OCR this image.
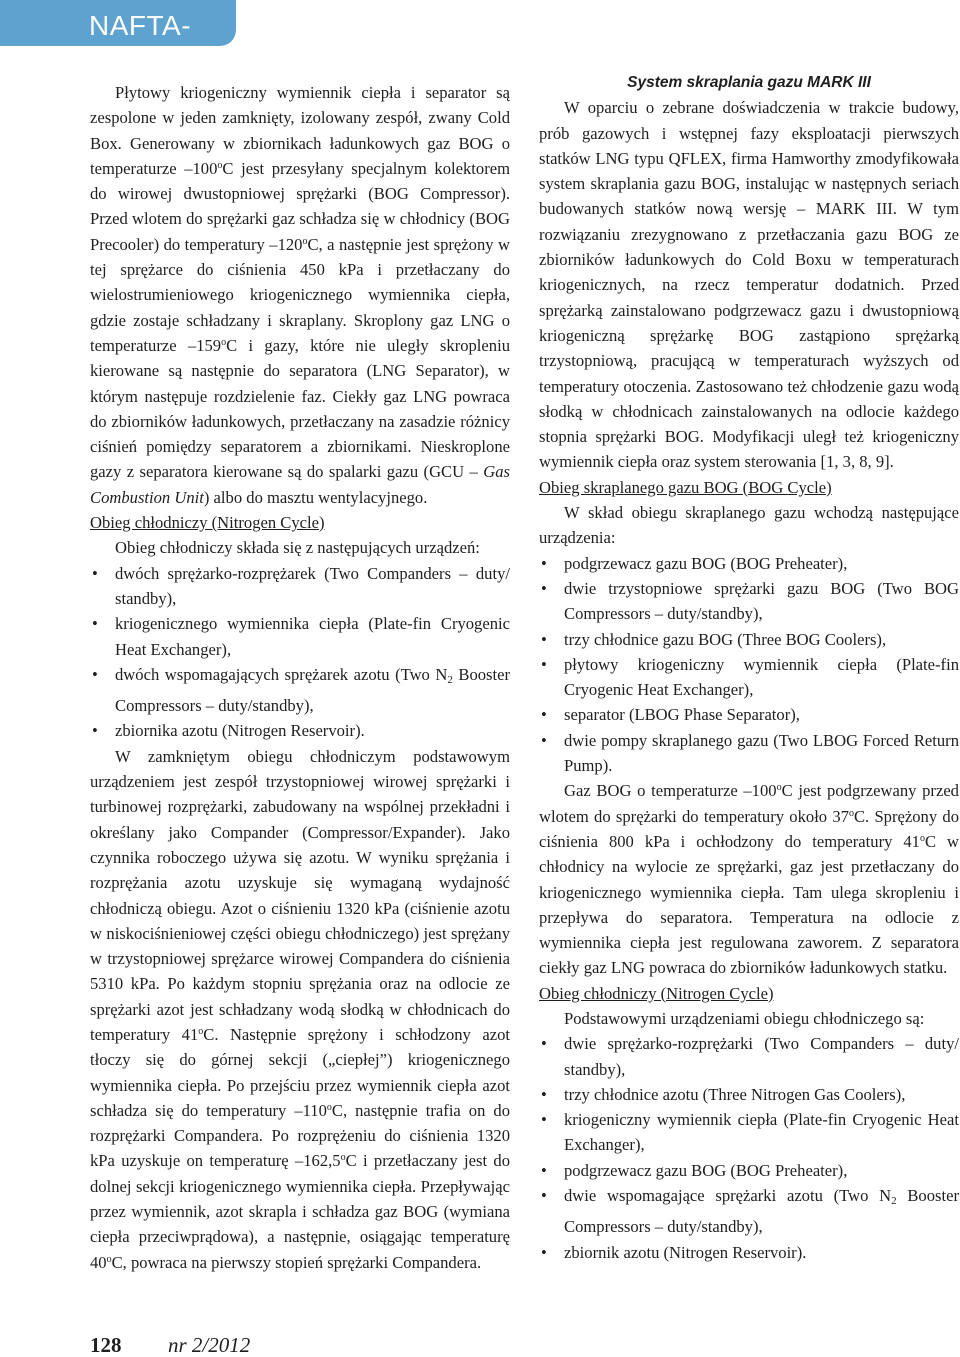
NAFTA-GAZ

Płytowy kriogeniczny wymiennik ciepła i separator są zespolone w jeden zamknięty, izolowany zespół, zwany Cold Box. Generowany w zbiornikach ładunkowych gaz BOG o temperaturze –100$^o$C jest przesyłany specjalnym kolektorem do wirowej dwustopniowej sprężarki (BOG Compressor). Przed wlotem do sprężarki gaz schładza się w chłodnicy (BOG Precooler) do temperatury –120$^o$C, a następnie jest sprężony w tej sprężarce do ciśnienia 450 kPa i przetłaczany do wielostrumieniowego kriogenicznego wymiennika ciepła, gdzie zostaje schładzany i skraplany. Skroplony gaz LNG o temperaturze –159$^o$C i gazy, które nie uległy skropleniu kierowane są następnie do separatora (LNG Separator), w którym następuje rozdzielenie faz. Ciekły gaz LNG powraca do zbiorników ładunkowych, przetłaczany na zasadzie różnicy ciśnień pomiędzy separatorem a zbiornikami. Nieskroplone gazy z separatora kierowane są do spalarki gazu (GCU – Gas Combustion Unit) albo do masztu wentylacyjnego.

Obieg chłodniczy (Nitrogen Cycle)

Obieg chłodniczy składa się z następujących urządzeń:

• dwóch sprężarko-rozprężarek (Two Companders – duty/ standby),
• kriogenicznego wymiennika ciepła (Plate-fin Cryogenic Heat Exchanger),
• dwóch wspomagających sprężarek azotu (Two $N_2$ Booster Compressors – duty/standby),
• zbiornika azotu (Nitrogen Reservoir).

W zamkniętym obiegu chłodniczym podstawowym urządzeniem jest zespół trzystopniowej wirowej sprężarki i turbinowej rozprężarki, zabudowany na wspólnej przekładni i określany jako Compander (Compressor/Expander). Jako czynnika roboczego używa się azotu. W wyniku sprężania i rozprężania azotu uzyskuje się wymaganą wydajność chłodniczą obiegu. Azot o ciśnieniu 1320 kPa (ciśnienie azotu w niskociśnieniowej części obiegu chłodniczego) jest sprężany w trzystopniowej sprężarce wirowej Compandera do ciśnienia 5310 kPa. Po każdym stopniu sprężania oraz na odlocie ze sprężarki azot jest schładzany wodą słodką w chłodnicach do temperatury 41$^o$C. Następnie sprężony i schłodzony azot tłoczy się do górnej sekcji („ciepłej”) kriogenicznego wymiennika ciepła. Po przejściu przez wymiennik ciepła azot schładza się do temperatury –110$^o$C, następnie trafia on do rozprężarki Compandera. Po rozprężeniu do ciśnienia 1320 kPa uzyskuje on temperaturę –162,5$^o$C i przetłaczany jest do dolnej sekcji kriogenicznego wymiennika ciepła. Przepływając przez wymiennik, azot skrapla i schładza gaz BOG (wymiana ciepła przeciwprądowa), a następnie, osiągając temperaturę 40$^o$C, powraca na pierwszy stopień sprężarki Compandera.

System skraplania gazu MARK III

W oparciu o zebrane doświadczenia w trakcie budowy, prób gazowych i wstępnej fazy eksploatacji pierwszych statków LNG typu QFLEX, firma Hamworthy zmodyfikowała system skraplania gazu BOG, instalując w następnych seriach budowanych statków nową wersję – MARK III. W tym rozwiązaniu zrezygnowano z przetłaczania gazu BOG ze zbiorników ładunkowych do Cold Boxu w temperaturach kriogenicznych, na rzecz temperatur dodatnich. Przed sprężarką zainstalowano podgrzewacz gazu i dwustopniową kriogeniczną sprężarkę BOG zastąpiono sprężarką trzystopniową, pracującą w temperaturach wyższych od temperatury otoczenia. Zastosowano też chłodzenie gazu wodą słodką w chłodnicach zainstalowanych na odlocie każdego stopnia sprężarki BOG. Modyfikacji uległ też kriogeniczny wymiennik ciepła oraz system sterowania [1, 3, 8, 9].

Obieg skraplanego gazu BOG (BOG Cycle)

W skład obiegu skraplanego gazu wchodzą następujące urządzenia:

• podgrzewacz gazu BOG (BOG Preheater),
• dwie trzystopniowe sprężarki gazu BOG (Two BOG Compressors – duty/standby),
• trzy chłodnice gazu BOG (Three BOG Coolers),
• płytowy kriogeniczny wymiennik ciepła (Plate-fin Cryogenic Heat Exchanger),
• separator (LBOG Phase Separator),
• dwie pompy skraplanego gazu (Two LBOG Forced Return Pump).

Gaz BOG o temperaturze –100$^o$C jest podgrzewany przed wlotem do sprężarki do temperatury około 37$^o$C. Sprężony do ciśnienia 800 kPa i ochłodzony do temperatury 41$^o$C w chłodnicy na wylocie ze sprężarki, gaz jest przetłaczany do kriogenicznego wymiennika ciepła. Tam ulega skropleniu i przepływa do separatora. Temperatura na odlocie z wymiennika ciepła jest regulowana zaworem. Z separatora ciekły gaz LNG powraca do zbiorników ładunkowych statku.

Obieg chłodniczy (Nitrogen Cycle)

Podstawowymi urządzeniami obiegu chłodniczego są:

• dwie sprężarko-rozprężarki (Two Companders – duty/ standby),
• trzy chłodnice azotu (Three Nitrogen Gas Coolers),
• kriogeniczny wymiennik ciepła (Plate-fin Cryogenic Heat Exchanger),
• podgrzewacz gazu BOG (BOG Preheater),
• dwie wspomagające sprężarki azotu (Two $N_2$ Booster Compressors – duty/standby),
• zbiornik azotu (Nitrogen Reservoir).
128 nr 2/2012
